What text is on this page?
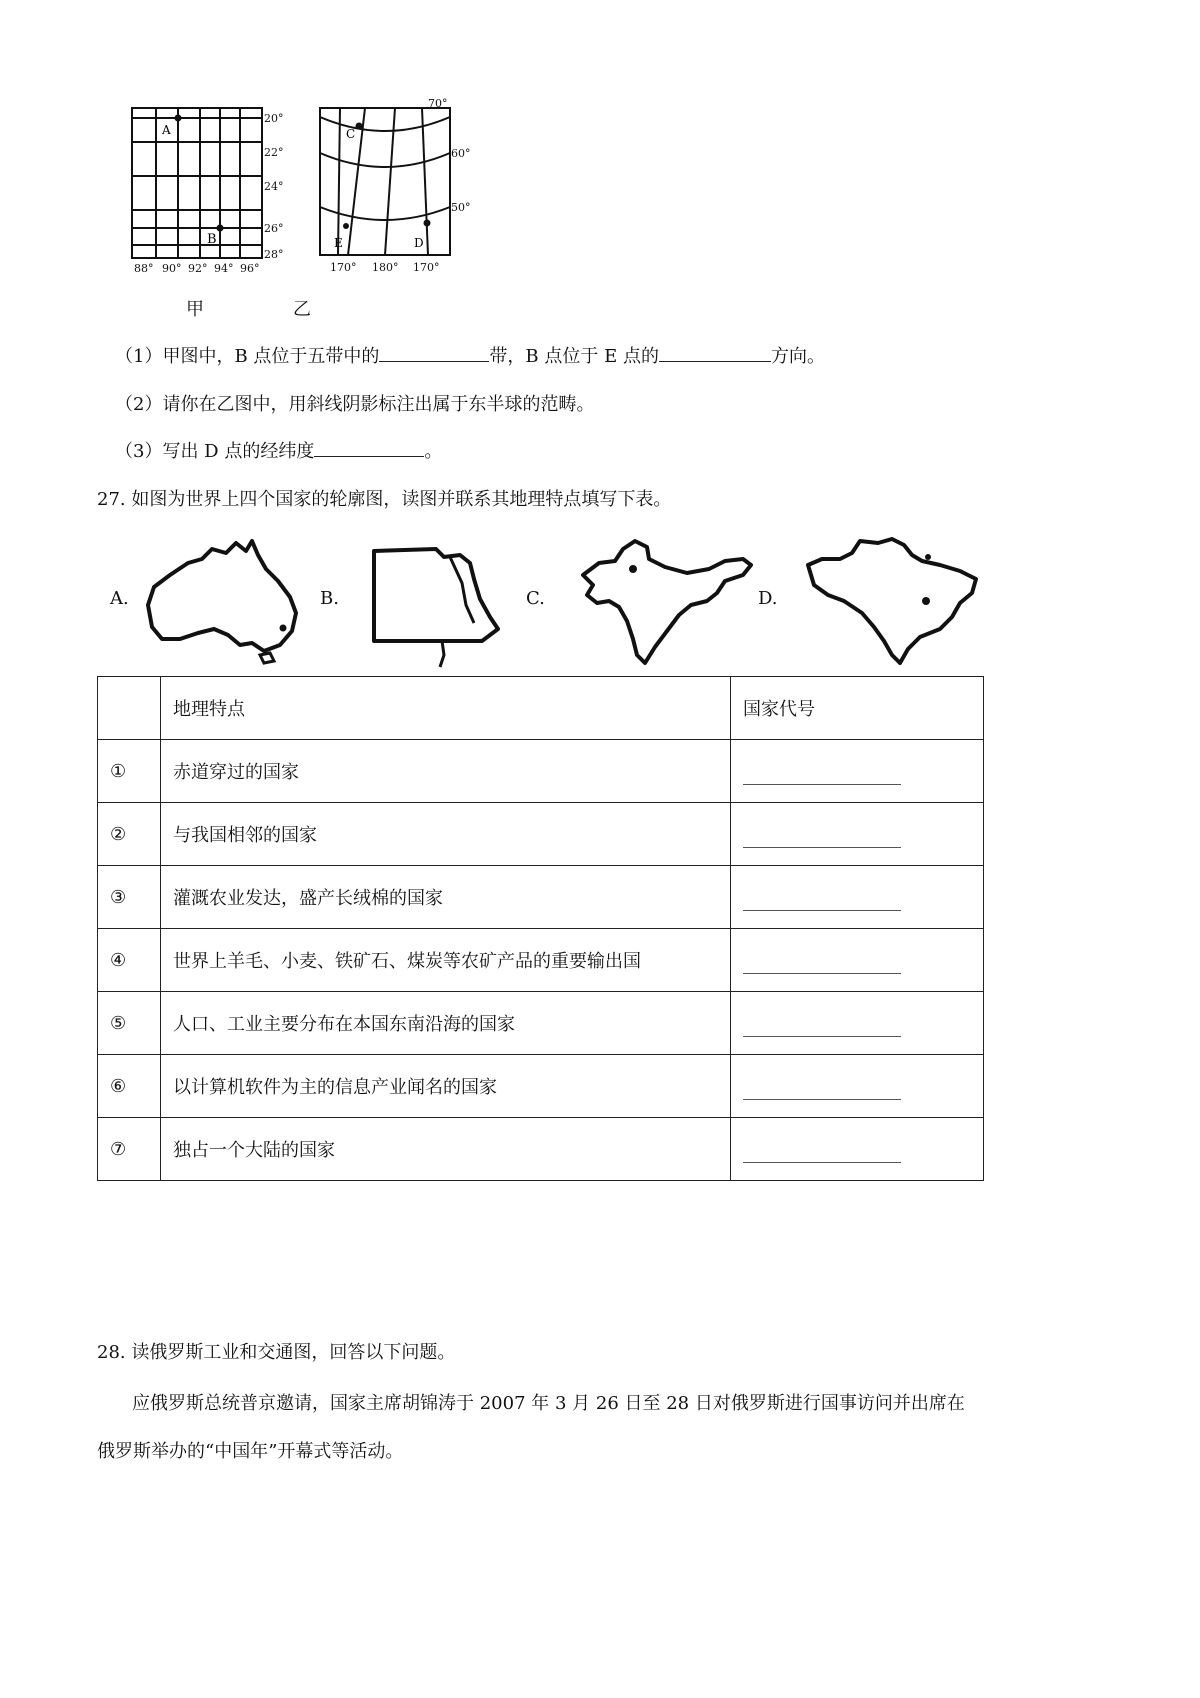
A
B
20°
22°
24°
26°
28°
88° 90° 92° 94° 96°
C
D
E
70°
60°
50°
170° 180° 170°
甲	乙
（1）甲图中，B 点位于五带中的	带，B 点位于 E 点的	方向。
（2）请你在乙图中，用斜线阴影标注出属于东半球的范畴。
（3）写出 D 点的经纬度	。
27. 如图为世界上四个国家的轮廓图，读图并联系其地理特点填写下表。
A.	B.	C.	D.
	地理特点	国家代号
①	赤道穿过的国家	
②	与我国相邻的国家	
③	灌溉农业发达，盛产长绒棉的国家	
④	世界上羊毛、小麦、铁矿石、煤炭等农矿产品的重要输出国	
⑤	人口、工业主要分布在本国东南沿海的国家	
⑥	以计算机软件为主的信息产业闻名的国家	
⑦	独占一个大陆的国家	
28. 读俄罗斯工业和交通图，回答以下问题。
应俄罗斯总统普京邀请，国家主席胡锦涛于 2007 年 3 月 26 日至 28 日对俄罗斯进行国事访问并出席在
俄罗斯举办的“中国年”开幕式等活动。
